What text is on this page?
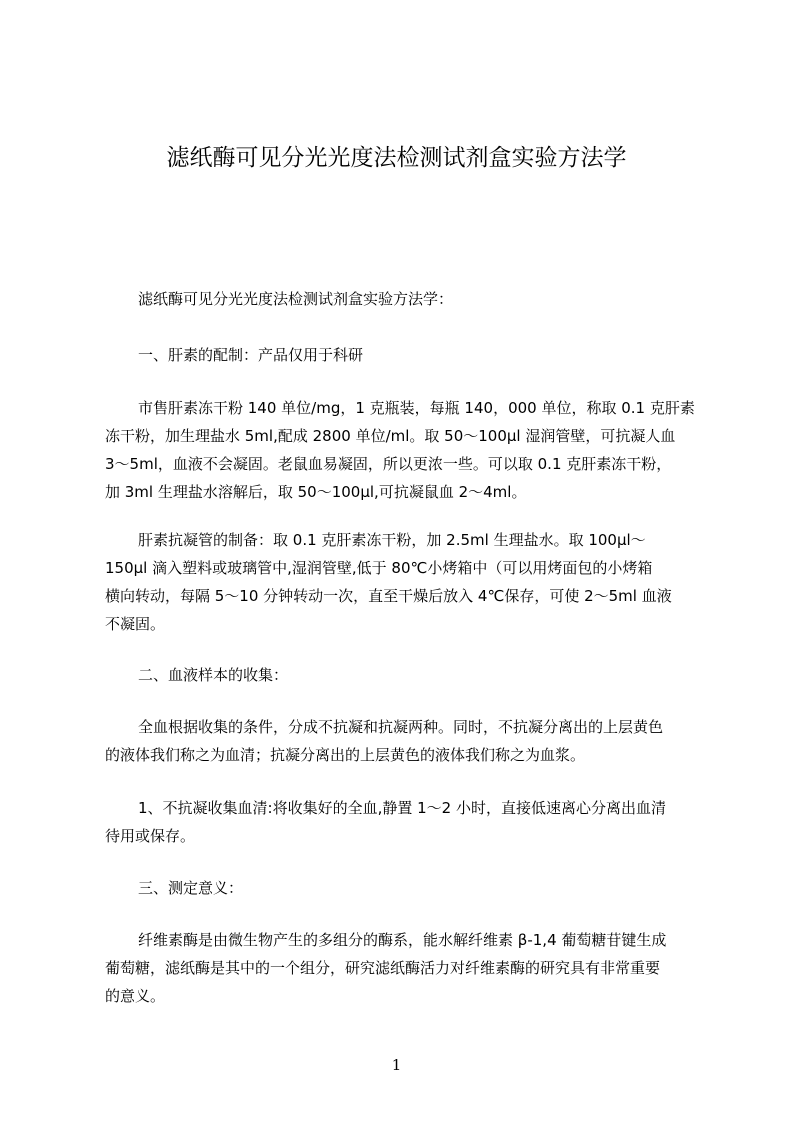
滤纸酶可见分光光度法检测试剂盒实验方法学
滤纸酶可见分光光度法检测试剂盒实验方法学：
一、肝素的配制：产品仅用于科研
市售肝素冻干粉 140 单位/mg，1 克瓶装，每瓶 140，000 单位，称取 0.1 克肝素
冻干粉，加生理盐水 5ml,配成 2800 单位/ml。取 50～100μl 湿润管壁，可抗凝人血
3～5ml，血液不会凝固。老鼠血易凝固，所以更浓一些。可以取 0.1 克肝素冻干粉，
加 3ml 生理盐水溶解后，取 50～100μl,可抗凝鼠血 2～4ml。
肝素抗凝管的制备：取 0.1 克肝素冻干粉，加 2.5ml 生理盐水。取 100μl～
150μl 滴入塑料或玻璃管中,湿润管壁,低于 80℃小烤箱中（可以用烤面包的小烤箱
横向转动，每隔 5～10 分钟转动一次，直至干燥后放入 4℃保存，可使 2～5ml 血液
不凝固。
二、血液样本的收集：
全血根据收集的条件，分成不抗凝和抗凝两种。同时，不抗凝分离出的上层黄色
的液体我们称之为血清；抗凝分离出的上层黄色的液体我们称之为血浆。
1、不抗凝收集血清:将收集好的全血,静置 1～2 小时，直接低速离心分离出血清
待用或保存。
三、测定意义：
纤维素酶是由微生物产生的多组分的酶系，能水解纤维素 β-1,4 葡萄糖苷键生成
葡萄糖，滤纸酶是其中的一个组分，研究滤纸酶活力对纤维素酶的研究具有非常重要
的意义。
1
